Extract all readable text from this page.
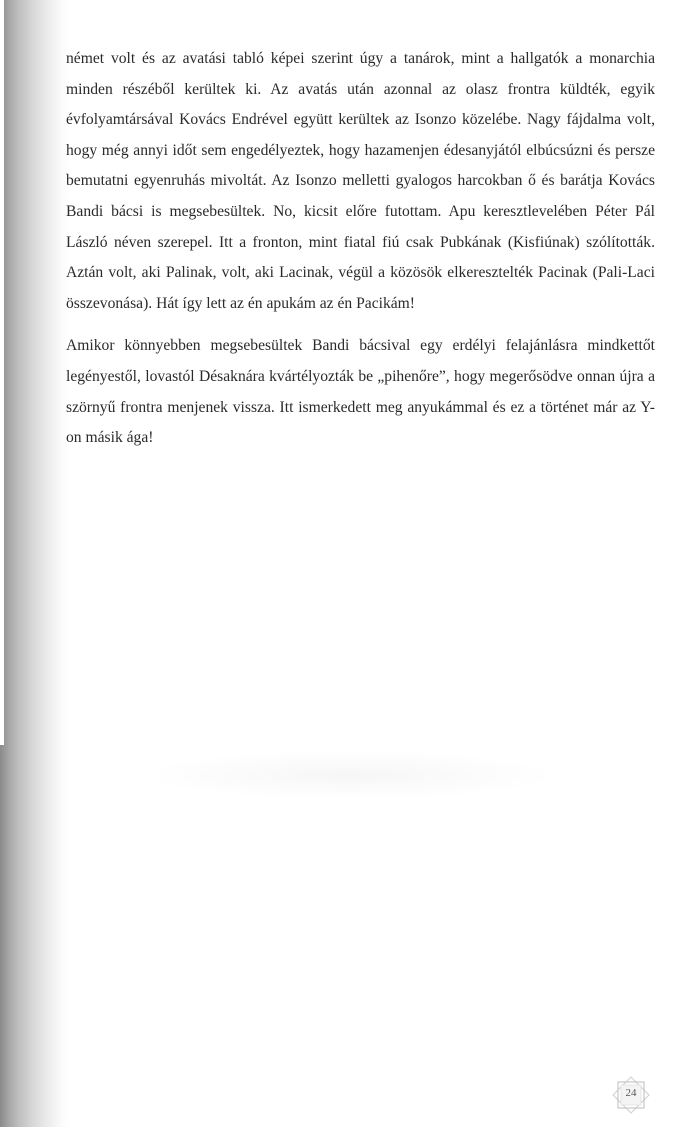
német volt és az avatási tabló képei szerint úgy a tanárok, mint a hallgatók a monarchia minden részéből kerültek ki. Az avatás után azonnal az olasz frontra küldték, egyik évfolyamtársával Kovács Endrével együtt kerültek az Isonzo közelébe. Nagy fájdalma volt, hogy még annyi időt sem engedélyeztek, hogy hazamenjen édesanyjától elbúcsúzni és persze bemutatni egyenruhás mivoltát. Az Isonzo melletti gyalogos harcokban ő és barátja Kovács Bandi bácsi is megsebesültek. No, kicsit előre futottam. Apu keresztlevelében Péter Pál László néven szerepel. Itt a fronton, mint fiatal fiú csak Pubkának (Kisfiúnak) szólították. Aztán volt, aki Palinak, volt, aki Lacinak, végül a közösök elkeresztelték Pacinak (Pali-Laci összevonása). Hát így lett az én apukám az én Pacikám!

Amikor könnyebben megsebesültek Bandi bácsival egy erdélyi felajánlásra mindkettőt legényestől, lovastól Désaknára kvártélyozták be „pihenőre”, hogy megerősödve onnan újra a szörnyű frontra menjenek vissza. Itt ismerkedett meg anyukámmal és ez a történet már az Y-on másik ága!

24
